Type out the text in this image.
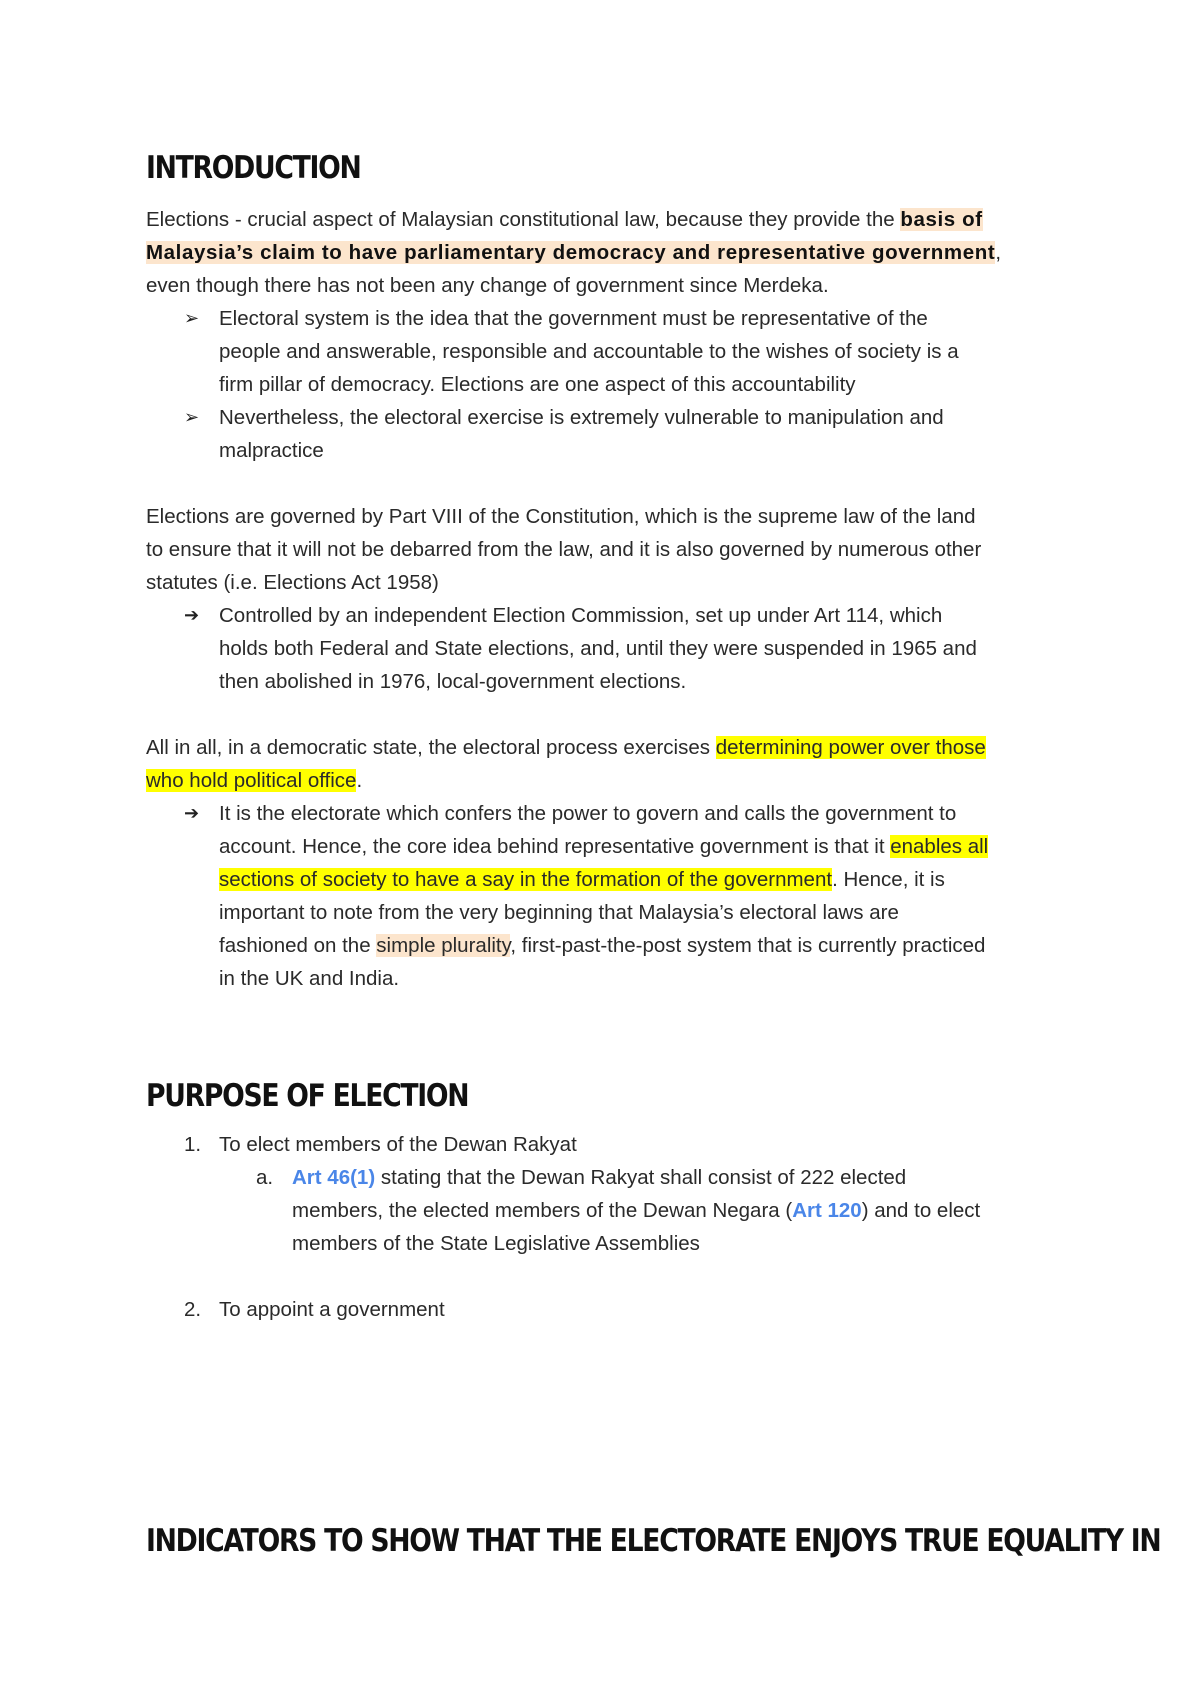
INTRODUCTION
Elections - crucial aspect of Malaysian constitutional law, because they provide the basis of
Malaysia’s claim to have parliamentary democracy and representative government,
even though there has not been any change of government since Merdeka.
➢ Electoral system is the idea that the government must be representative of the
people and answerable, responsible and accountable to the wishes of society is a
firm pillar of democracy. Elections are one aspect of this accountability
➢ Nevertheless, the electoral exercise is extremely vulnerable to manipulation and
malpractice
Elections are governed by Part VIII of the Constitution, which is the supreme law of the land
to ensure that it will not be debarred from the law, and it is also governed by numerous other
statutes (i.e. Elections Act 1958)
➔ Controlled by an independent Election Commission, set up under Art 114, which
holds both Federal and State elections, and, until they were suspended in 1965 and
then abolished in 1976, local-government elections.
All in all, in a democratic state, the electoral process exercises determining power over those
who hold political office.
➔ It is the electorate which confers the power to govern and calls the government to
account. Hence, the core idea behind representative government is that it enables all
sections of society to have a say in the formation of the government. Hence, it is
important to note from the very beginning that Malaysia’s electoral laws are
fashioned on the simple plurality, first-past-the-post system that is currently practiced
in the UK and India.
PURPOSE OF ELECTION
1. To elect members of the Dewan Rakyat
a. Art 46(1) stating that the Dewan Rakyat shall consist of 222 elected
members, the elected members of the Dewan Negara (Art 120) and to elect
members of the State Legislative Assemblies
2. To appoint a government
INDICATORS TO SHOW THAT THE ELECTORATE ENJOYS TRUE EQUALITY IN
